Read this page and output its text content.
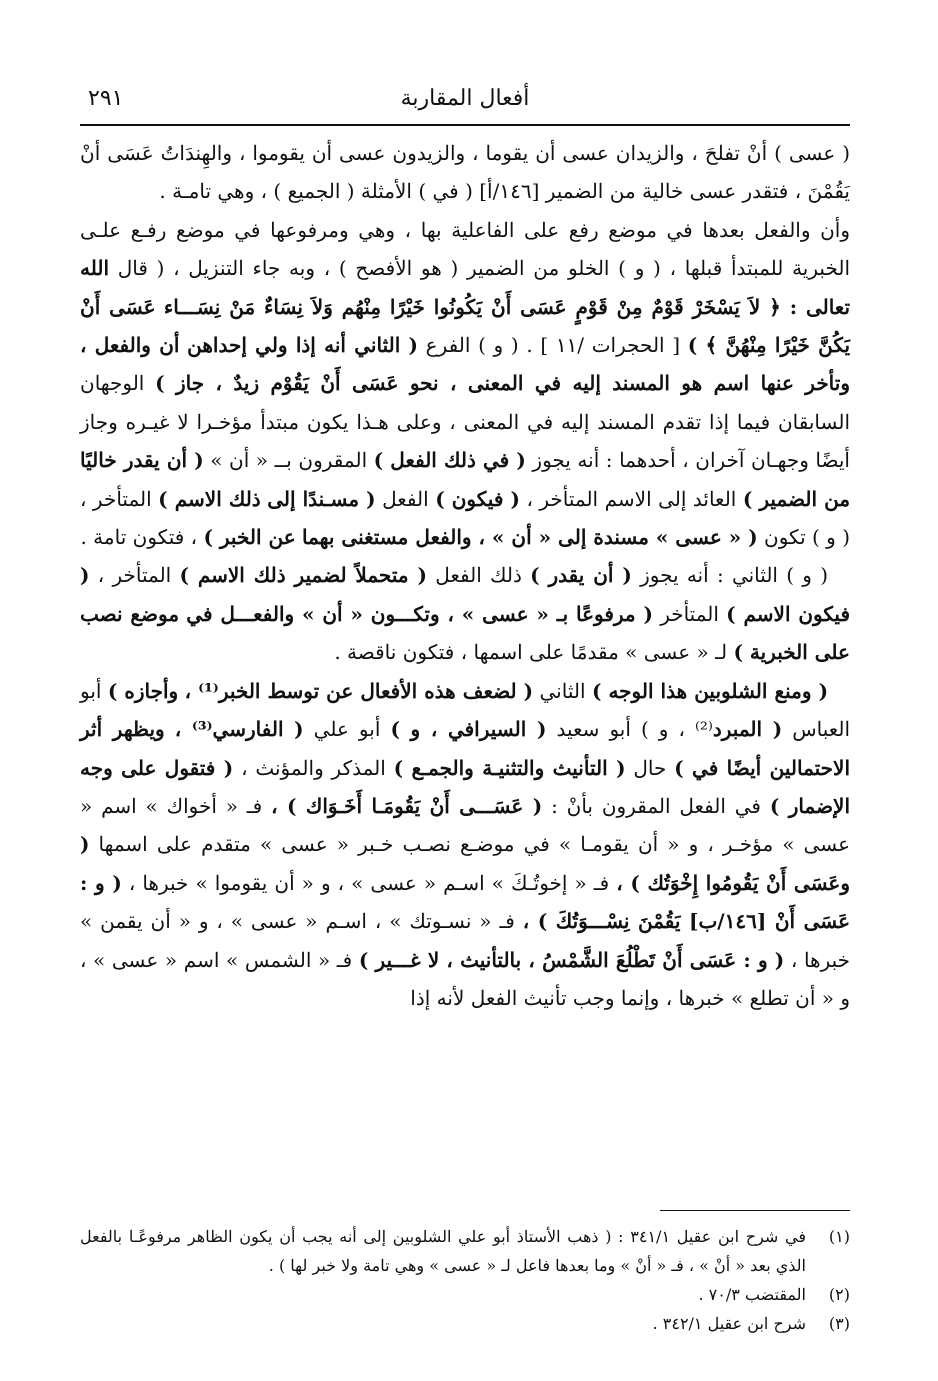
أفعال المقاربة
٢٩١

( عسى ) أنْ تفلحَ ، والزيدان عسى أن يقوما ، والزيدون عسى أن يقوموا ، والهِندَاتُ عَسَى أنْ يَقُمْنَ ، فتقدر عسى خالية من الضمير [١٤٦/أ] ( في ) الأمثلة ( الجميع ) ، وهي تامـة .

وأن والفعل بعدها في موضع رفع على الفاعلية بها ، وهي ومرفوعها في موضع رفـع علـى الخبرية للمبتدأ قبلها ، ( و ) الخلو من الضمير ( هو الأفصح ) ، وبه جاء التنزيل ، ( قال الله تعالى : ﴿ لاَ يَسْخَرْ قَوْمٌ مِنْ قَوْمٍ عَسَى أَنْ يَكُونُوا خَيْرًا مِنْهُم وَلاَ نِسَاءٌ مَنْ نِسَـــاء عَسَى أَنْ يَكُنَّ خَيْرًا مِنْهُنَّ ﴾ ) [ الحجرات /١١ ] . ( و ) الفرع ( الثاني أنه إذا ولي إحداهن أن والفعل ، وتأخر عنها اسم هو المسند إليه في المعنى ، نحو عَسَى أَنْ يَقُوْم زيدٌ ، جاز ) الوجهان السابقان فيما إذا تقدم المسند إليه في المعنى ، وعلى هـذا يكون مبتدأ مؤخـرا لا غيـره وجاز أيضًا وجهـان آخران ، أحدهما : أنه يجوز ( في ذلك الفعل ) المقرون بــ « أن » ( أن يقدر خاليًا من الضمير ) العائد إلى الاسم المتأخر ، ( فيكون ) الفعل ( مسـندًا إلى ذلك الاسم ) المتأخر ، ( و ) تكون ( « عسى » مسندة إلى « أن » ، والفعل مستغنى بهما عن الخبر ) ، فتكون تامة .

( و ) الثاني : أنه يجوز ( أن يقدر ) ذلك الفعل ( متحملاً لضمير ذلك الاسم ) المتأخر ، ( فيكون الاسم ) المتأخر ( مرفوعًا بـ « عسى » ، وتكـــون « أن » والفعـــل في موضع نصب على الخبرية ) لـ « عسى » مقدمًا على اسمها ، فتكون ناقصة .

( ومنع الشلوبين هذا الوجه ) الثاني ( لضعف هذه الأفعال عن توسط الخبر⁽¹⁾ ، وأجازه ) أبو العباس ( المبرد⁽²⁾ ، و ) أبو سعيد ( السيرافي ، و ) أبو علي ( الفارسي⁽³⁾ ، ويظهر أثر الاحتمالين أيضًا في ) حال ( التأنيث والتثنيـة والجمـع ) المذكر والمؤنث ، ( فتقول على وجه الإضمار ) في الفعل المقرون بأنْ : ( عَسَـــى أَنْ يَقُومَـا أَخَـوَاك ) ، فـ « أخواك » اسم « عسى » مؤخـر ، و « أن يقومـا » في موضـع نصـب خـبر « عسى » متقدم على اسمها ( وعَسَى أَنْ يَقُومُوا إِخْوَتُك ) ، فـ « إخوتُـكَ » اسـم « عسى » ، و « أن يقوموا » خبرها ، ( و : عَسَى أَنْ [١٤٦/ب] يَقُمْنَ نِسْـــوَتُكَ ) ، فـ « نسـوتك » ، اسـم « عسى » ، و « أن يقمن » خبرها ، ( و : عَسَى أَنْ تَطْلُعَ الشَّمْسُ ، بالتأنيث ، لا غـــير ) فـ « الشمس » اسم « عسى » ، و « أن تطلع » خبرها ، وإنما وجب تأنيث الفعل لأنه إذا

(١)
في شرح ابن عقيل ٣٤١/١ : ( ذهب الأستاذ أبو علي الشلوبين إلى أنه يجب أن يكون الظاهر مرفوعًـا بالفعل الذي بعد « أنْ » ، فـ « أنْ » وما بعدها فاعل لـ « عسى » وهي تامة ولا خبر لها ) .
(٢)
المقتضب ٧٠/٣ .
(٣)
شرح ابن عقيل ٣٤٢/١ .
